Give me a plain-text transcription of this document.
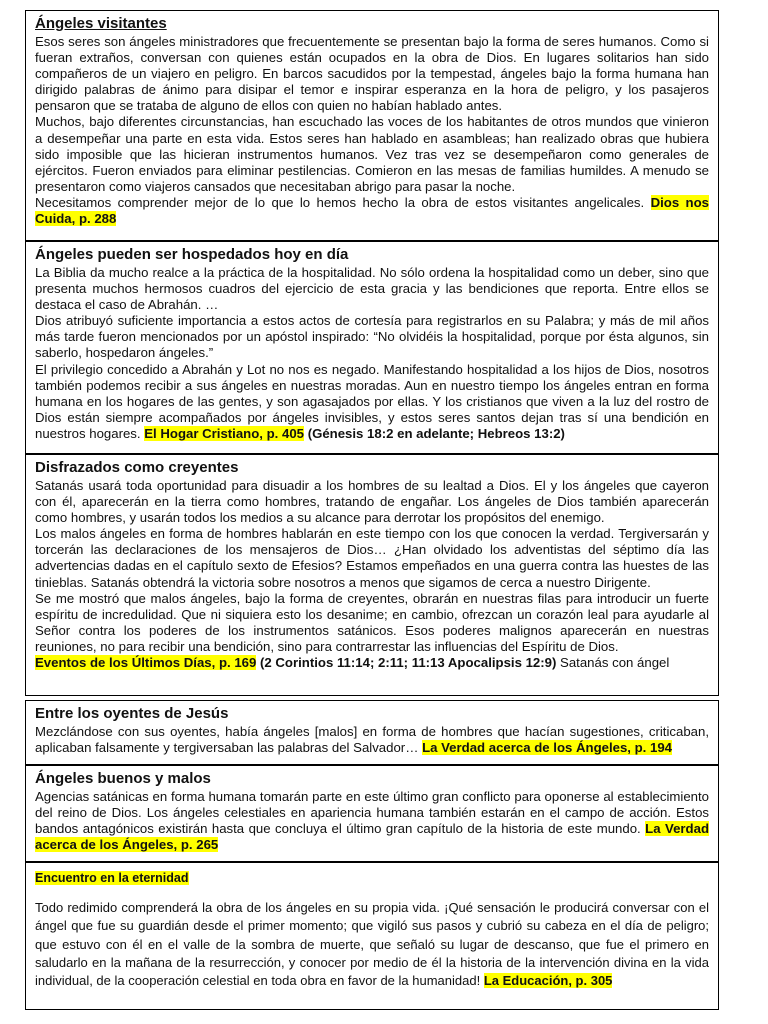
Ángeles visitantes

Esos seres son ángeles ministradores que frecuentemente se presentan bajo la forma de seres humanos. Como si fueran extraños, conversan con quienes están ocupados en la obra de Dios. En lugares solitarios han sido compañeros de un viajero en peligro. En barcos sacudidos por la tempestad, ángeles bajo la forma humana han dirigido palabras de ánimo para disipar el temor e inspirar esperanza en la hora de peligro, y los pasajeros pensaron que se trataba de alguno de ellos con quien no habían hablado antes.

Muchos, bajo diferentes circunstancias, han escuchado las voces de los habitantes de otros mundos que vinieron a desempeñar una parte en esta vida. Estos seres han hablado en asambleas; han realizado obras que hubiera sido imposible que las hicieran instrumentos humanos. Vez tras vez se desempeñaron como generales de ejércitos. Fueron enviados para eliminar pestilencias. Comieron en las mesas de familias humildes. A menudo se presentaron como viajeros cansados que necesitaban abrigo para pasar la noche.

Necesitamos comprender mejor de lo que lo hemos hecho la obra de estos visitantes angelicales. Dios nos Cuida, p. 288

Ángeles pueden ser hospedados hoy en día

La Biblia da mucho realce a la práctica de la hospitalidad. No sólo ordena la hospitalidad como un deber, sino que presenta muchos hermosos cuadros del ejercicio de esta gracia y las bendiciones que reporta. Entre ellos se destaca el caso de Abrahán. …

Dios atribuyó suficiente importancia a estos actos de cortesía para registrarlos en su Palabra; y más de mil años más tarde fueron mencionados por un apóstol inspirado: “No olvidéis la hospitalidad, porque por ésta algunos, sin saberlo, hospedaron ángeles.”

El privilegio concedido a Abrahán y Lot no nos es negado. Manifestando hospitalidad a los hijos de Dios, nosotros también podemos recibir a sus ángeles en nuestras moradas. Aun en nuestro tiempo los ángeles entran en forma humana en los hogares de las gentes, y son agasajados por ellas. Y los cristianos que viven a la luz del rostro de Dios están siempre acompañados por ángeles invisibles, y estos seres santos dejan tras sí una bendición en nuestros hogares. El Hogar Cristiano, p. 405 (Génesis 18:2 en adelante; Hebreos 13:2)

Disfrazados como creyentes

Satanás usará toda oportunidad para disuadir a los hombres de su lealtad a Dios. El y los ángeles que cayeron con él, aparecerán en la tierra como hombres, tratando de engañar. Los ángeles de Dios también aparecerán como hombres, y usarán todos los medios a su alcance para derrotar los propósitos del enemigo.

Los malos ángeles en forma de hombres hablarán en este tiempo con los que conocen la verdad. Tergiversarán y torcerán las declaraciones de los mensajeros de Dios… ¿Han olvidado los adventistas del séptimo día las advertencias dadas en el capítulo sexto de Efesios? Estamos empeñados en una guerra contra las huestes de las tinieblas. Satanás obtendrá la victoria sobre nosotros a menos que sigamos de cerca a nuestro Dirigente.

Se me mostró que malos ángeles, bajo la forma de creyentes, obrarán en nuestras filas para introducir un fuerte espíritu de incredulidad. Que ni siquiera esto los desanime; en cambio, ofrezcan un corazón leal para ayudarle al Señor contra los poderes de los instrumentos satánicos. Esos poderes malignos aparecerán en nuestras reuniones, no para recibir una bendición, sino para contrarrestar las influencias del Espíritu de Dios.

Eventos de los Últimos Días, p. 169 (2 Corintios 11:14; 2:11; 11:13 Apocalipsis 12:9) Satanás con ángel

Entre los oyentes de Jesús

Mezclándose con sus oyentes, había ángeles [malos] en forma de hombres que hacían sugestiones, criticaban, aplicaban falsamente y tergiversaban las palabras del Salvador… La Verdad acerca de los Ángeles, p. 194

Ángeles buenos y malos

Agencias satánicas en forma humana tomarán parte en este último gran conflicto para oponerse al establecimiento del reino de Dios. Los ángeles celestiales en apariencia humana también estarán en el campo de acción. Estos bandos antagónicos existirán hasta que concluya el último gran capítulo de la historia de este mundo. La Verdad acerca de los Ángeles, p. 265

Encuentro en la eternidad

Todo redimido comprenderá la obra de los ángeles en su propia vida. ¡Qué sensación le producirá conversar con el ángel que fue su guardián desde el primer momento; que vigiló sus pasos y cubrió su cabeza en el día de peligro; que estuvo con él en el valle de la sombra de muerte, que señaló su lugar de descanso, que fue el primero en saludarlo en la mañana de la resurrección, y conocer por medio de él la historia de la intervención divina en la vida individual, de la cooperación celestial en toda obra en favor de la humanidad! La Educación, p. 305
